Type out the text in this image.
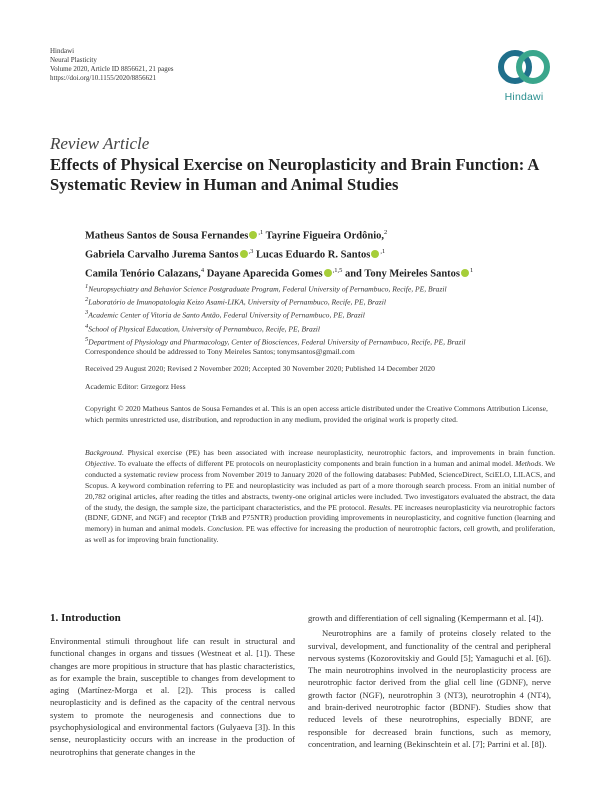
Hindawi
Neural Plasticity
Volume 2020, Article ID 8856621, 21 pages
https://doi.org/10.1155/2020/8856621
Hindawi
Review Article
Effects of Physical Exercise on Neuroplasticity and Brain Function: A Systematic Review in Human and Animal Studies
Matheus Santos de Sousa Fernandes $^{,1}$ Tayrine Figueira Ordônio,$^2$
Gabriela Carvalho Jurema Santos $^{,3}$ Lucas Eduardo R. Santos $^{,1}$
Camila Tenório Calazans,$^4$ Dayane Aparecida Gomes $^{,1,5}$ and Tony Meireles Santos $^1$
$^1$Neuropsychiatry and Behavior Science Postgraduate Program, Federal University of Pernambuco, Recife, PE, Brazil
$^2$Laboratório de Imunopatologia Keizo Asami-LIKA, University of Pernambuco, Recife, PE, Brazil
$^3$Academic Center of Vitoria de Santo Antão, Federal University of Pernambuco, PE, Brazil
$^4$School of Physical Education, University of Pernambuco, Recife, PE, Brazil
$^5$Department of Physiology and Pharmacology, Center of Biosciences, Federal University of Pernambuco, Recife, PE, Brazil
Correspondence should be addressed to Tony Meireles Santos; tonymsantos@gmail.com
Received 29 August 2020; Revised 2 November 2020; Accepted 30 November 2020; Published 14 December 2020
Academic Editor: Grzegorz Hess
Copyright © 2020 Matheus Santos de Sousa Fernandes et al. This is an open access article distributed under the Creative Commons Attribution License, which permits unrestricted use, distribution, and reproduction in any medium, provided the original work is properly cited.
Background. Physical exercise (PE) has been associated with increase neuroplasticity, neurotrophic factors, and improvements in brain function. Objective. To evaluate the effects of different PE protocols on neuroplasticity components and brain function in a human and animal model. Methods. We conducted a systematic review process from November 2019 to January 2020 of the following databases: PubMed, ScienceDirect, SciELO, LILACS, and Scopus. A keyword combination referring to PE and neuroplasticity was included as part of a more thorough search process. From an initial number of 20,782 original articles, after reading the titles and abstracts, twenty-one original articles were included. Two investigators evaluated the abstract, the data of the study, the design, the sample size, the participant characteristics, and the PE protocol. Results. PE increases neuroplasticity via neurotrophic factors (BDNF, GDNF, and NGF) and receptor (TrkB and P75NTR) production providing improvements in neuroplasticity, and cognitive function (learning and memory) in human and animal models. Conclusion. PE was effective for increasing the production of neurotrophic factors, cell growth, and proliferation, as well as for improving brain functionality.
1. Introduction

Environmental stimuli throughout life can result in structural and functional changes in organs and tissues (Westneat et al. [1]). These changes are more propitious in structure that has plastic characteristics, as for example the brain, susceptible to changes from development to aging (Martínez-Morga et al. [2]). This process is called neuroplasticity and is defined as the capacity of the central nervous system to promote the neurogenesis and connections due to psychophysiological and environmental factors (Gulyaeva [3]). In this sense, neuroplasticity occurs with an increase in the production of neurotrophins that generate changes in the

growth and differentiation of cell signaling (Kempermann et al. [4]).

Neurotrophins are a family of proteins closely related to the survival, development, and functionality of the central and peripheral nervous systems (Kozorovitskiy and Gould [5]; Yamaguchi et al. [6]). The main neurotrophins involved in the neuroplasticity process are neurotrophic factor derived from the glial cell line (GDNF), nerve growth factor (NGF), neurotrophin 3 (NT3), neurotrophin 4 (NT4), and brain-derived neurotrophic factor (BDNF). Studies show that reduced levels of these neurotrophins, especially BDNF, are responsible for decreased brain functions, such as memory, concentration, and learning (Bekinschtein et al. [7]; Parrini et al. [8]).
